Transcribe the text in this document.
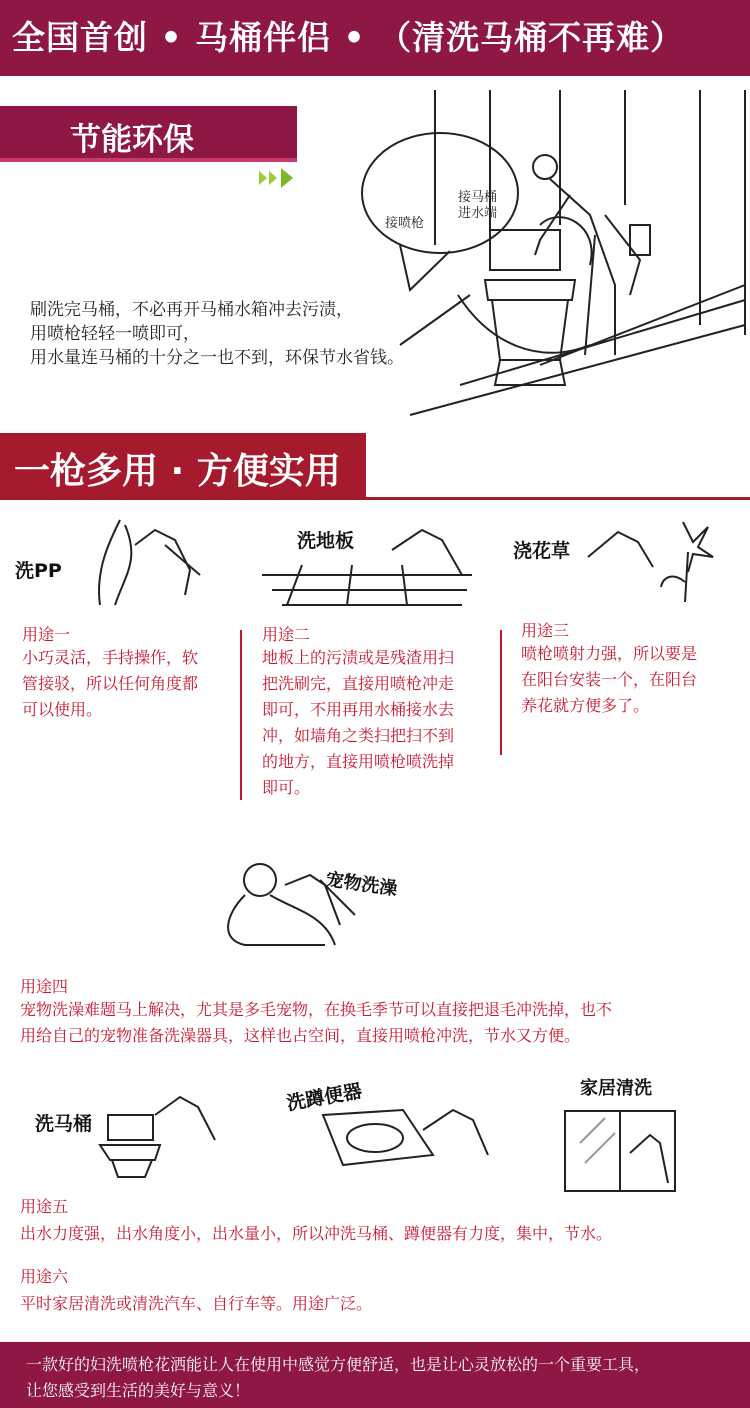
全国首创 • 马桶伴侣 • （清洗马桶不再难）
节能环保
接喷枪
接马桶
进水端
刷洗完马桶，不必再开马桶水箱冲去污渍，
用喷枪轻轻一喷即可，
用水量连马桶的十分之一也不到，环保节水省钱。
一枪多用 · 方便实用
洗PP
洗地板	浇花草
用途一
小巧灵活，手持操作，软
管接驳，所以任何角度都
可以使用。
用途二
地板上的污渍或是残渣用扫
把洗刷完，直接用喷枪冲走
即可，不用再用水桶接水去
冲，如墙角之类扫把扫不到
的地方，直接用喷枪喷洗掉
即可。
用途三
喷枪喷射力强，所以要是
在阳台安装一个，在阳台
养花就方便多了。
宠物洗澡
用途四
宠物洗澡难题马上解决，尤其是多毛宠物，在换毛季节可以直接把退毛冲洗掉，也不
用给自己的宠物准备洗澡器具，这样也占空间，直接用喷枪冲洗，节水又方便。
洗马桶
洗蹲便器	家居清洗
用途五
出水力度强，出水角度小，出水量小，所以冲洗马桶、蹲便器有力度，集中，节水。
用途六
平时家居清洗或清洗汽车、自行车等。用途广泛。
一款好的妇洗喷枪花洒能让人在使用中感觉方便舒适，也是让心灵放松的一个重要工具，
让您感受到生活的美好与意义！
